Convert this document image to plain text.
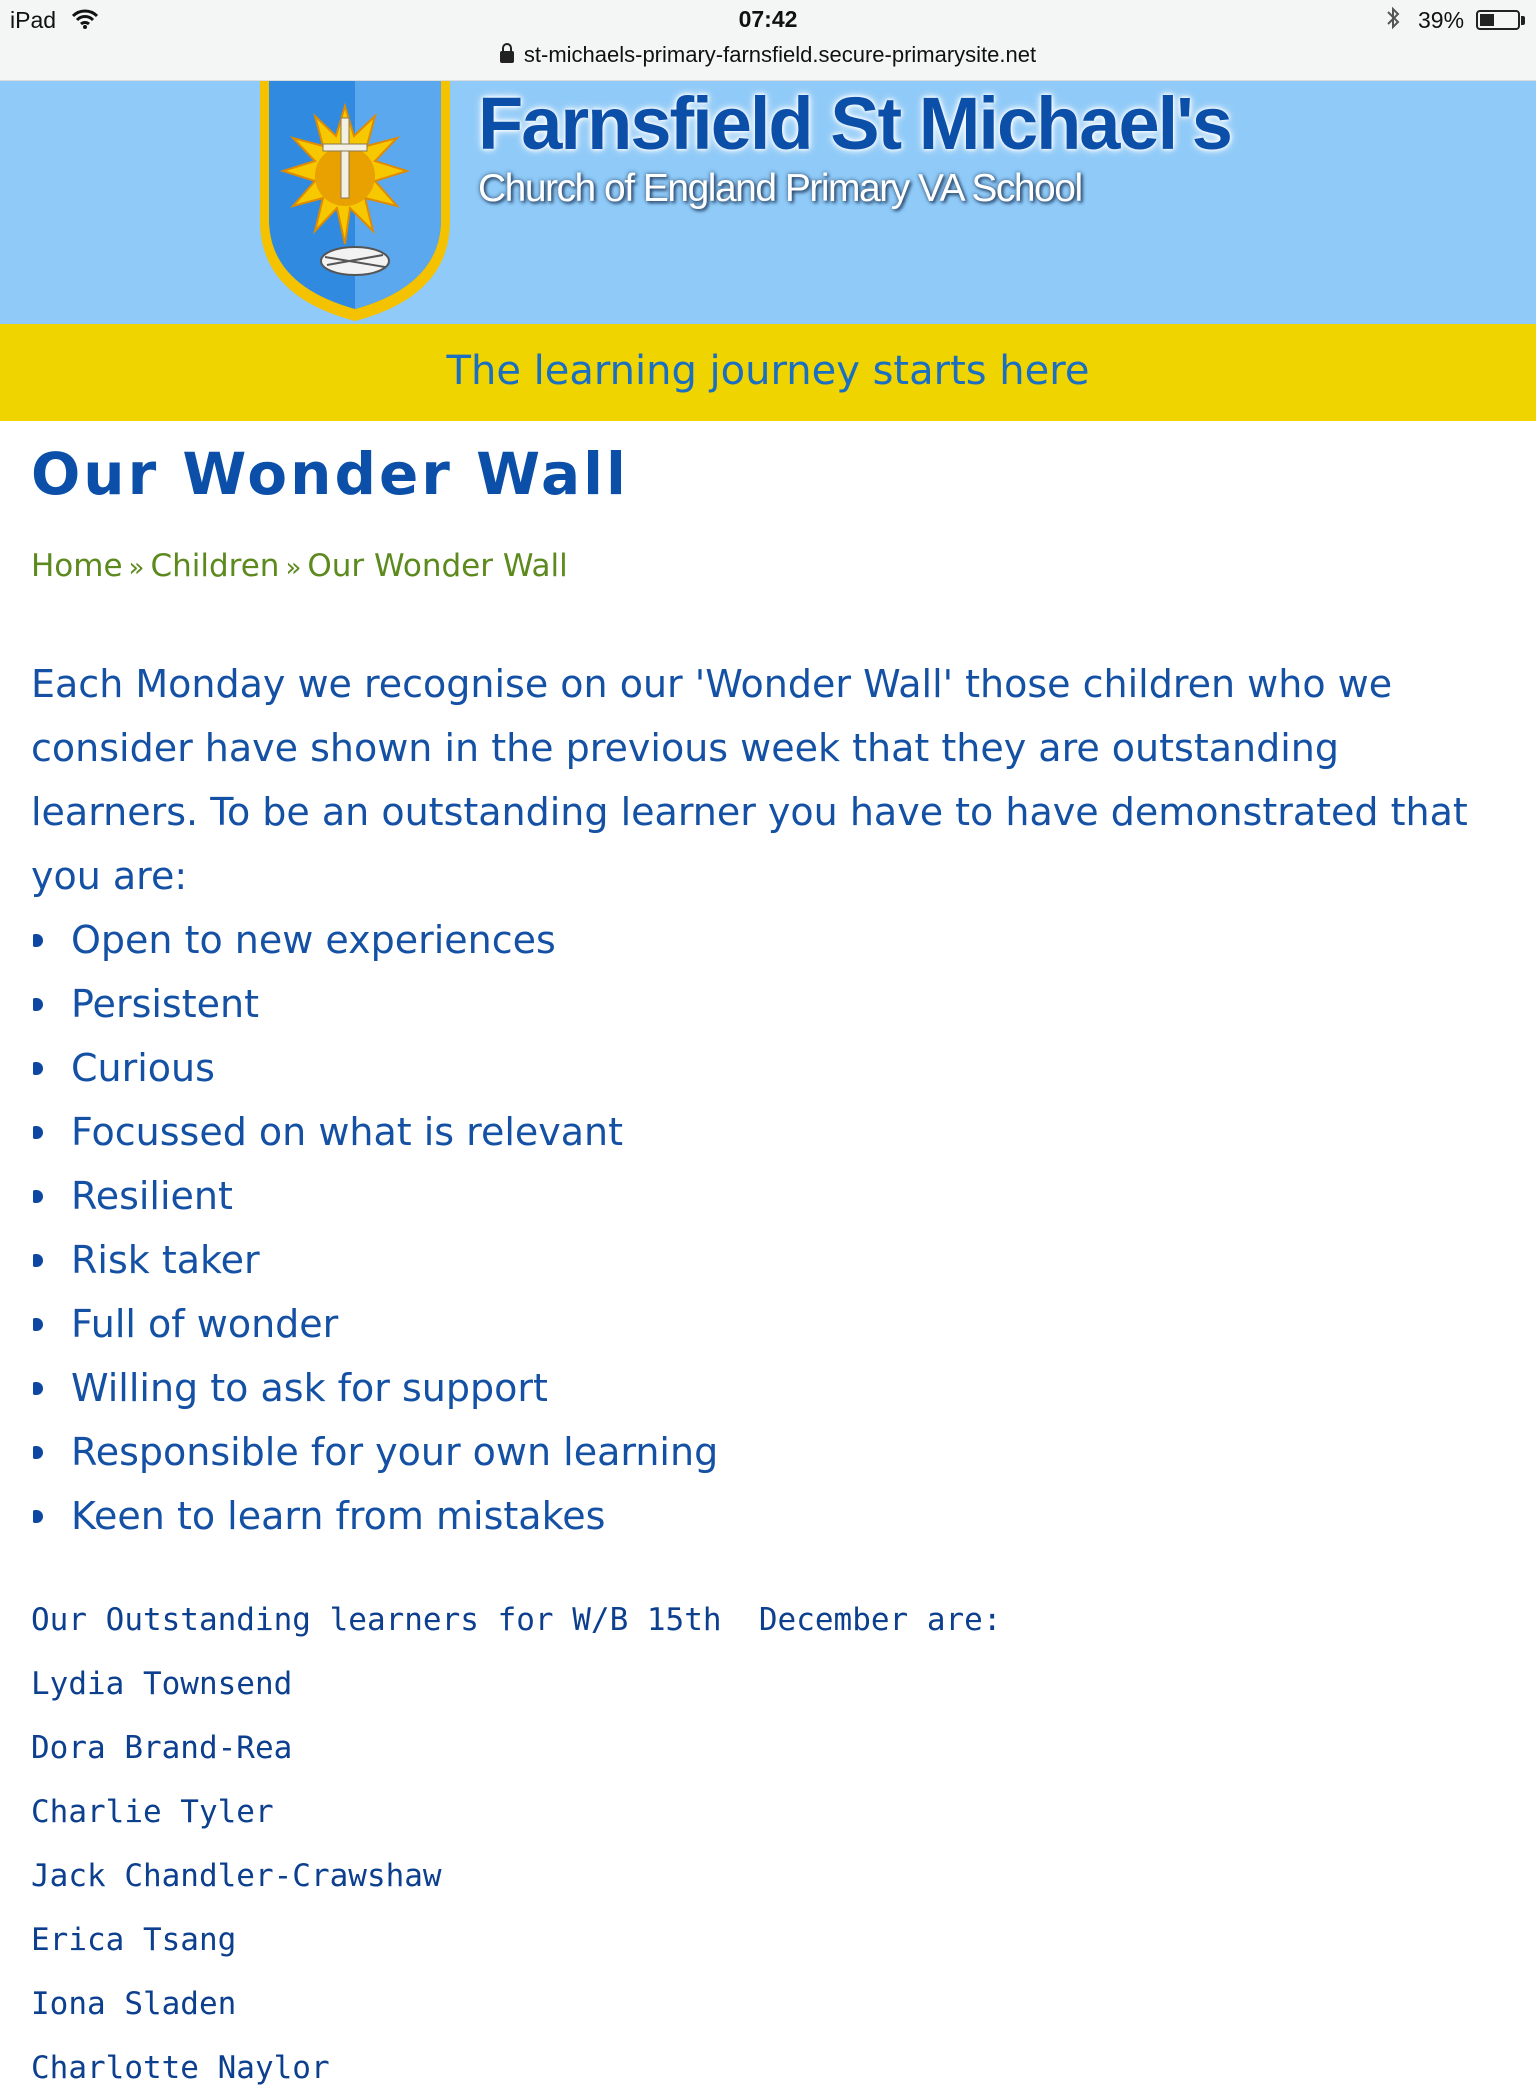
iPad	07:42	39%
st-michaels-primary-farnsfield.secure-primarysite.net
Farnsfield St Michael's
Church of England Primary VA School
The learning journey starts here
Our Wonder Wall
Home » Children » Our Wonder Wall
Each Monday we recognise on our 'Wonder Wall' those children who we consider have shown in the previous week that they are outstanding learners. To be an outstanding learner you have to have demonstrated that you are:
Open to new experiences
Persistent
Curious
Focussed on what is relevant
Resilient
Risk taker
Full of wonder
Willing to ask for support
Responsible for your own learning
Keen to learn from mistakes
Our Outstanding learners for W/B 15th  December are:
Lydia Townsend
Dora Brand-Rea
Charlie Tyler
Jack Chandler-Crawshaw
Erica Tsang
Iona Sladen
Charlotte Naylor
